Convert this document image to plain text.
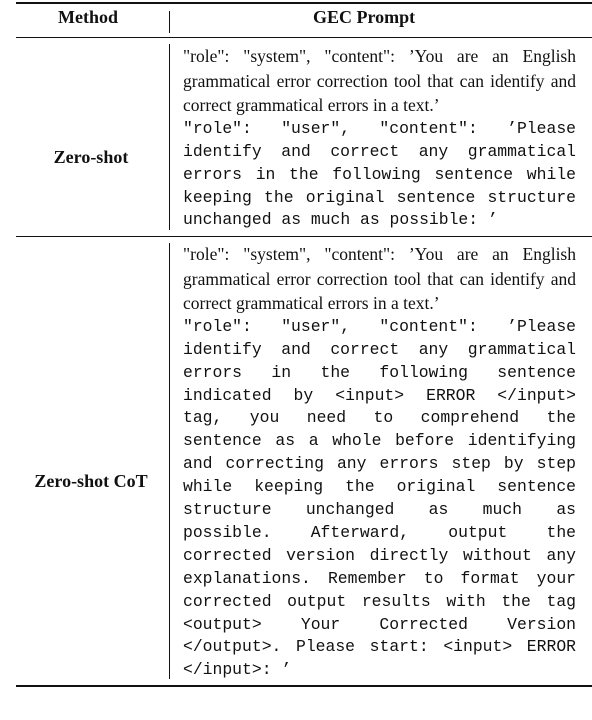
Method	GEC Prompt
Zero-shot
"role": "system", "content": ’You are an English grammatical error correction tool that can identify and correct grammatical errors in a text.’
"role": "user", "content": ’Please identify and correct any grammatical errors in the following sentence while keeping the original sentence structure unchanged as much as possible: ’
Zero-shot CoT
"role": "system", "content": ’You are an English grammatical error correction tool that can identify and correct grammatical errors in a text.’
"role": "user", "content": ’Please identify and correct any grammatical errors in the following sentence indicated by <input> ERROR </input> tag, you need to comprehend the sentence as a whole before identifying and correcting any errors step by step while keeping the original sentence structure unchanged as much as possible. Afterward, output the corrected version directly without any explanations. Remember to format your corrected output results with the tag <output> Your Corrected Version </output>. Please start: <input> ERROR </input>: ’
